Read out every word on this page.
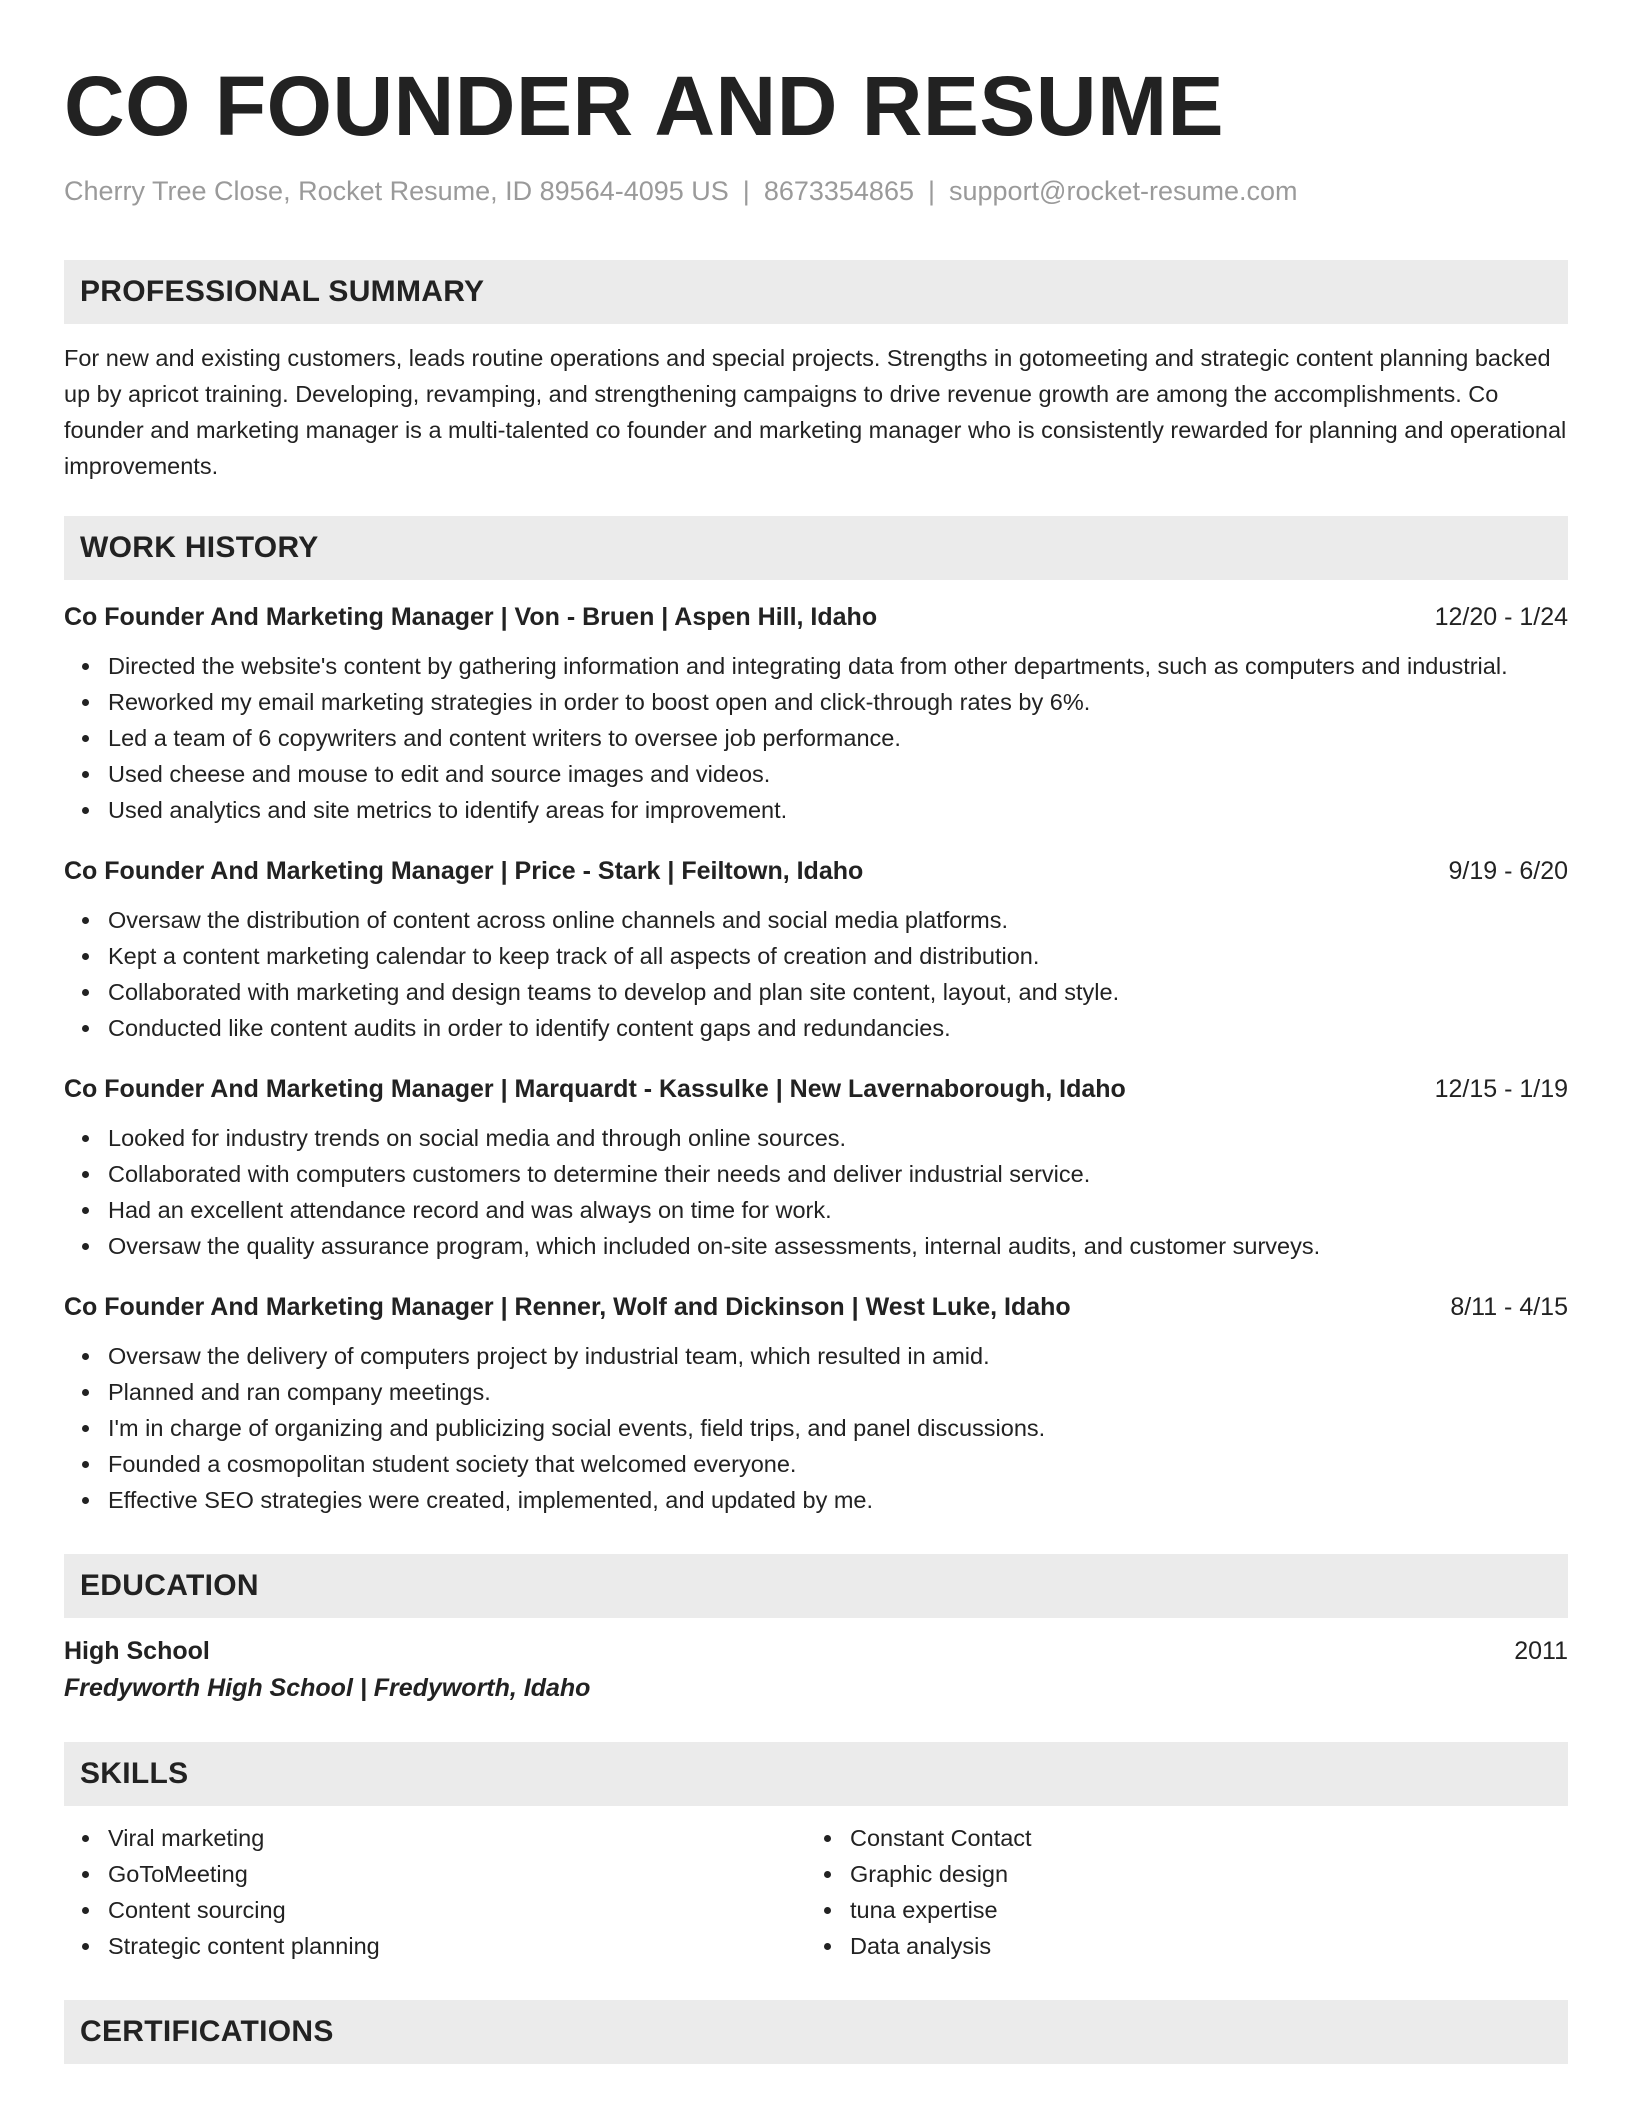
CO FOUNDER AND RESUME
Cherry Tree Close, Rocket Resume, ID 89564-4095 US | 8673354865 | support@rocket-resume.com
PROFESSIONAL SUMMARY

For new and existing customers, leads routine operations and special projects. Strengths in gotomeeting and strategic content planning backed up by apricot training. Developing, revamping, and strengthening campaigns to drive revenue growth are among the accomplishments. Co founder and marketing manager is a multi-talented co founder and marketing manager who is consistently rewarded for planning and operational improvements.

WORK HISTORY
Co Founder And Marketing Manager | Von - Bruen | Aspen Hill, Idaho	12/20 - 1/24
Directed the website's content by gathering information and integrating data from other departments, such as computers and industrial.
Reworked my email marketing strategies in order to boost open and click-through rates by 6%.
Led a team of 6 copywriters and content writers to oversee job performance.
Used cheese and mouse to edit and source images and videos.
Used analytics and site metrics to identify areas for improvement.
Co Founder And Marketing Manager | Price - Stark | Feiltown, Idaho	9/19 - 6/20
Oversaw the distribution of content across online channels and social media platforms.
Kept a content marketing calendar to keep track of all aspects of creation and distribution.
Collaborated with marketing and design teams to develop and plan site content, layout, and style.
Conducted like content audits in order to identify content gaps and redundancies.
Co Founder And Marketing Manager | Marquardt - Kassulke | New Lavernaborough, Idaho	12/15 - 1/19
Looked for industry trends on social media and through online sources.
Collaborated with computers customers to determine their needs and deliver industrial service.
Had an excellent attendance record and was always on time for work.
Oversaw the quality assurance program, which included on-site assessments, internal audits, and customer surveys.
Co Founder And Marketing Manager | Renner, Wolf and Dickinson | West Luke, Idaho	8/11 - 4/15
Oversaw the delivery of computers project by industrial team, which resulted in amid.
Planned and ran company meetings.
I'm in charge of organizing and publicizing social events, field trips, and panel discussions.
Founded a cosmopolitan student society that welcomed everyone.
Effective SEO strategies were created, implemented, and updated by me.
EDUCATION
High School	2011
Fredyworth High School | Fredyworth, Idaho
SKILLS
Viral marketing
GoToMeeting
Content sourcing
Strategic content planning
Constant Contact
Graphic design
tuna expertise
Data analysis
CERTIFICATIONS
